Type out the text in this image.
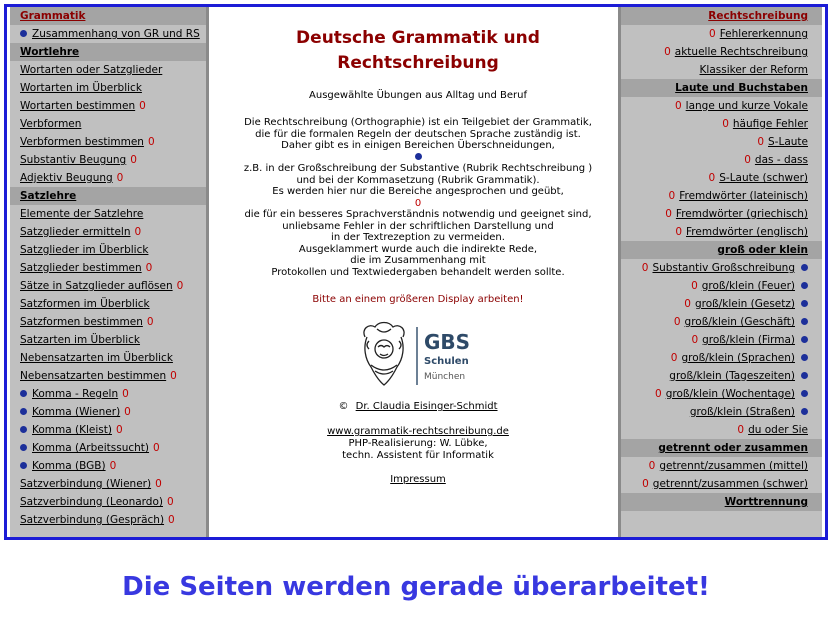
Grammatik
Zusammenhang von GR und RS
Wortlehre
Wortarten oder Satzglieder
Wortarten im Überblick
Wortarten bestimmen 0
Verbformen
Verbformen bestimmen 0
Substantiv Beugung 0
Adjektiv Beugung 0
Satzlehre
Elemente der Satzlehre
Satzglieder ermitteln 0
Satzglieder im Überblick
Satzglieder bestimmen 0
Sätze in Satzglieder auflösen 0
Satzformen im Überblick
Satzformen bestimmen 0
Satzarten im Überblick
Nebensatzarten im Überblick
Nebensatzarten bestimmen 0
Komma - Regeln 0
Komma (Wiener) 0
Komma (Kleist) 0
Komma (Arbeitssucht) 0
Komma (BGB) 0
Satzverbindung (Wiener) 0
Satzverbindung (Leonardo) 0
Satzverbindung (Gespräch) 0
Deutsche Grammatik und
Rechtschreibung
Ausgewählte Übungen aus Alltag und Beruf
Die Rechtschreibung (Orthographie) ist ein Teilgebiet der Grammatik,
die für die formalen Regeln der deutschen Sprache zuständig ist.
Daher gibt es in einigen Bereichen Überschneidungen,
z.B. in der Großschreibung der Substantive (Rubrik Rechtschreibung )
und bei der Kommasetzung (Rubrik Grammatik).
Es werden hier nur die Bereiche angesprochen und geübt,
0
die für ein besseres Sprachverständnis notwendig und geeignet sind,
unliebsame Fehler in der schriftlichen Darstellung und
in der Textrezeption zu vermeiden.
Ausgeklammert wurde auch die indirekte Rede,
die im Zusammenhang mit
Protokollen und Textwiedergaben behandelt werden sollte.
Bitte an einem größeren Display arbeiten!
GBS
Schulen
München
© Dr. Claudia Eisinger-Schmidt
www.grammatik-rechtschreibung.de
PHP-Realisierung: W. Lübke,
techn. Assistent für Informatik
Impressum
Rechtschreibung
0 Fehlererkennung
0 aktuelle Rechtschreibung
Klassiker der Reform
Laute und Buchstaben
0 lange und kurze Vokale
0 häufige Fehler
0 S-Laute
0 das - dass
0 S-Laute (schwer)
0 Fremdwörter (lateinisch)
0 Fremdwörter (griechisch)
0 Fremdwörter (englisch)
groß oder klein
0 Substantiv Großschreibung
0 groß/klein (Feuer)
0 groß/klein (Gesetz)
0 groß/klein (Geschäft)
0 groß/klein (Firma)
0 groß/klein (Sprachen)
groß/klein (Tageszeiten)
0 groß/klein (Wochentage)
groß/klein (Straßen)
0 du oder Sie
getrennt oder zusammen
0 getrennt/zusammen (mittel)
0 getrennt/zusammen (schwer)
Worttrennung
Die Seiten werden gerade überarbeitet!
